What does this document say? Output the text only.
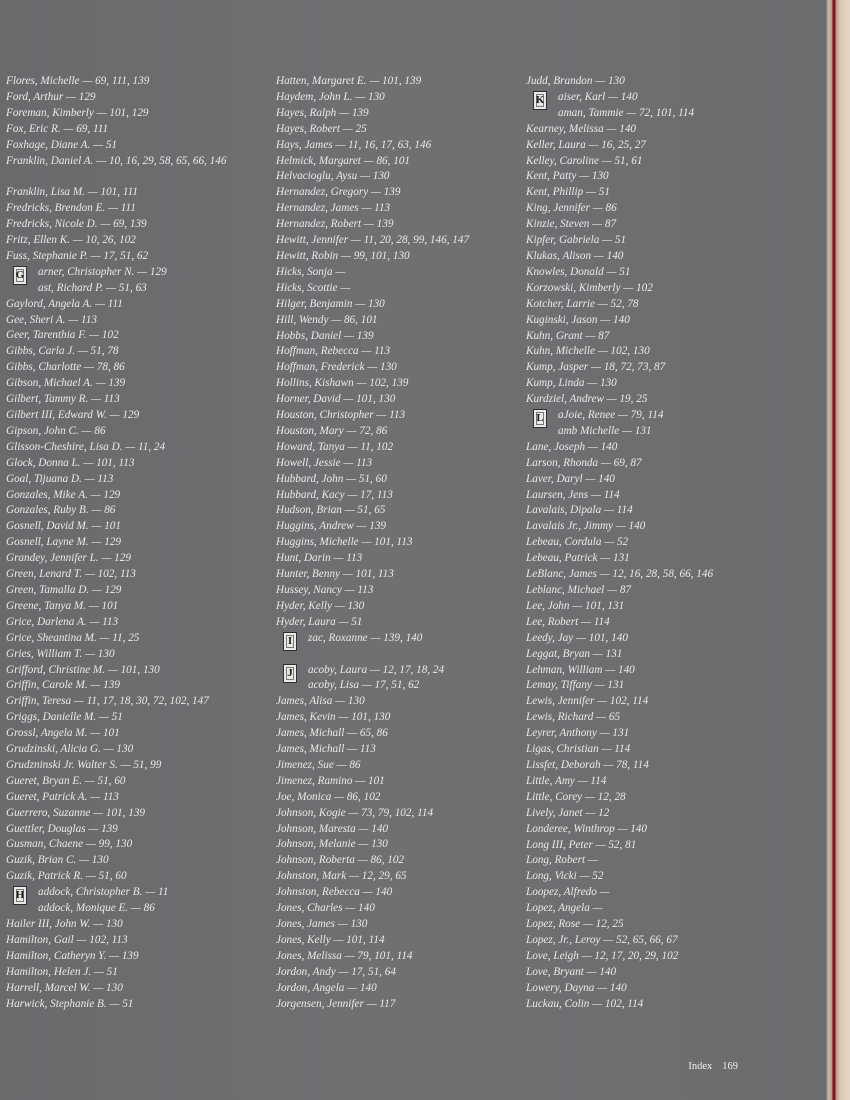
Flores, Michelle — 69, 111, 139
Ford, Arthur — 129
Foreman, Kimberly — 101, 129
Fox, Eric R. — 69, 111
Foxhage, Diane A. — 51
Franklin, Daniel A. — 10, 16, 29, 58, 65, 66, 146
Franklin, Lisa M. — 101, 111
Fredricks, Brendon E. — 111
Fredricks, Nicole D. — 69, 139
Fritz, Ellen K. — 10, 26, 102
Fuss, Stephanie P. — 17, 51, 62
G arner, Christopher N. — 129
ast, Richard P. — 51, 63
Gaylord, Angela A. — 111
Gee, Sheri A. — 113
Geer, Tarenthia F. — 102
Gibbs, Carla J. — 51, 78
Gibbs, Charlotte — 78, 86
Gibson, Michael A. — 139
Gilbert, Tammy R. — 113
Gilbert III, Edward W. — 129
Gipson, John C. — 86
Glisson-Cheshire, Lisa D. — 11, 24
Glock, Donna L. — 101, 113
Goal, Tijuana D. — 113
Gonzales, Mike A. — 129
Gonzales, Ruby B. — 86
Gosnell, David M. — 101
Gosnell, Layne M. — 129
Grandey, Jennifer L. — 129
Green, Lenard T. — 102, 113
Green, Tamalla D. — 129
Greene, Tanya M. — 101
Grice, Darlena A. — 113
Grice, Sheantina M. — 11, 25
Gries, William T. — 130
Grifford, Christine M. — 101, 130
Griffin, Carole M. — 139
Griffin, Teresa — 11, 17, 18, 30, 72, 102, 147
Griggs, Danielle M. — 51
Grossl, Angela M. — 101
Grudzinski, Alicia G. — 130
Grudzninski Jr. Walter S. — 51, 99
Gueret, Bryan E. — 51, 60
Gueret, Patrick A. — 113
Guerrero, Suzanne — 101, 139
Guettler, Douglas — 139
Gusman, Chaene — 99, 130
Guzik, Brian C. — 130
Guzik, Patrick R. — 51, 60
H addock, Christopher B. — 11
addock, Monique E. — 86
Hailer III, John W. — 130
Hamilton, Gail — 102, 113
Hamilton, Catheryn Y. — 139
Hamilton, Helen J. — 51
Harrell, Marcel W. — 130
Harwick, Stephanie B. — 51
Hatten, Margaret E. — 101, 139
Haydem, John L. — 130
Hayes, Ralph — 139
Hayes, Robert — 25
Hays, James — 11, 16, 17, 63, 146
Helmick, Margaret — 86, 101
Helvacioglu, Aysu — 130
Hernandez, Gregory — 139
Hernandez, James — 113
Hernandez, Robert — 139
Hewitt, Jennifer — 11, 20, 28, 99, 146, 147
Hewitt, Robin — 99, 101, 130
Hicks, Sonja —
Hicks, Scottie —
Hilger, Benjamin — 130
Hill, Wendy — 86, 101
Hobbs, Daniel — 139
Hoffman, Rebecca — 113
Hoffman, Frederick — 130
Hollins, Kishawn — 102, 139
Horner, David — 101, 130
Houston, Christopher — 113
Houston, Mary — 72, 86
Howard, Tanya — 11, 102
Howell, Jessie — 113
Hubbard, John — 51, 60
Hubbard, Kacy — 17, 113
Hudson, Brian — 51, 65
Huggins, Andrew — 139
Huggins, Michelle — 101, 113
Hunt, Darin — 113
Hunter, Benny — 101, 113
Hussey, Nancy — 113
Hyder, Kelly — 130
Hyder, Laura — 51
I	zac, Roxanne — 139, 140
J	acoby, Laura — 12, 17, 18, 24
acoby, Lisa — 17, 51, 62
James, Alisa — 130
James, Kevin — 101, 130
James, Michall — 65, 86
James, Michall — 113
Jimenez, Sue — 86
Jimenez, Ramino — 101
Joe, Monica — 86, 102
Johnson, Kogie — 73, 79, 102, 114
Johnson, Maresta — 140
Johnson, Melanie — 130
Johnson, Roberta — 86, 102
Johnston, Mark — 12, 29, 65
Johnston, Rebecca — 140
Jones, Charles — 140
Jones, James — 130
Jones, Kelly — 101, 114
Jones, Melissa — 79, 101, 114
Jordon, Andy — 17, 51, 64
Jordon, Angela — 140
Jorgensen, Jennifer — 117
Judd, Brandon — 130
K aiser, Karl — 140
aman, Tammie — 72, 101, 114
Kearney, Melissa — 140
Keller, Laura — 16, 25, 27
Kelley, Caroline — 51, 61
Kent, Patty — 130
Kent, Phillip — 51
King, Jennifer — 86
Kinzie, Steven — 87
Kipfer, Gabriela — 51
Klukas, Alison — 140
Knowles, Donald — 51
Korzowski, Kimberly — 102
Kotcher, Larrie — 52, 78
Kuginski, Jason — 140
Kuhn, Grant — 87
Kuhn, Michelle — 102, 130
Kump, Jasper — 18, 72, 73, 87
Kump, Linda — 130
Kurdziel, Andrew — 19, 25
L aJoie, Renee — 79, 114
amb Michelle — 131
Lane, Joseph — 140
Larson, Rhonda — 69, 87
Laver, Daryl — 140
Laursen, Jens — 114
Lavalais, Dipala — 114
Lavalais Jr., Jimmy — 140
Lebeau, Cordula — 52
Lebeau, Patrick — 131
LeBlanc, James — 12, 16, 28, 58, 66, 146
Leblanc, Michael — 87
Lee, John — 101, 131
Lee, Robert — 114
Leedy, Jay — 101, 140
Leggat, Bryan — 131
Lehman, William — 140
Lemay, Tiffany — 131
Lewis, Jennifer — 102, 114
Lewis, Richard — 65
Leyrer, Anthony — 131
Ligas, Christian — 114
Lissfet, Deborah — 78, 114
Little, Amy — 114
Little, Corey — 12, 28
Lively, Janet — 12
Londeree, Winthrop — 140
Long III, Peter — 52, 81
Long, Robert —
Long, Vicki — 52
Loopez, Alfredo —
Lopez, Angela —
Lopez, Rose — 12, 25
Lopez, Jr., Leroy — 52, 65, 66, 67
Love, Leigh — 12, 17, 20, 29, 102
Love, Bryant — 140
Lowery, Dayna — 140
Luckau, Colin — 102, 114
Index 169
